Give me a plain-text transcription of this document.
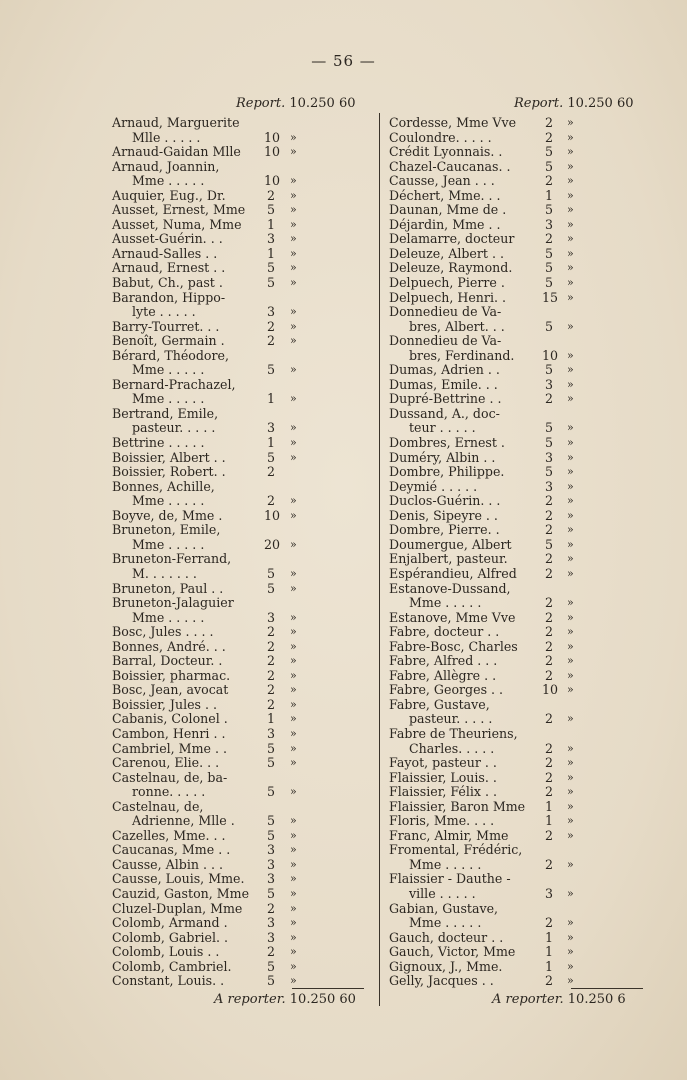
— 56 —
Report. 10.250 60	Report. 10.250 60
Arnaud, Marguerite
Mlle . . . . .	10 »
Arnaud-Gaidan Mlle 10 »
Arnaud, Joannin,
Mme . . . . .	10 »
Auquier, Eug., Dr.	2 »
Ausset, Ernest, Mme 5 »
Ausset, Numa, Mme 1 »
Ausset-Guérin. . .	3 »
Arnaud-Salles . .	1 »
Arnaud, Ernest . .	5 »
Babut, Ch., past .	5 »
Barandon, Hippo-
lyte . . . . .	3 »
Barry-Tourret. . .	2 »
Benoît, Germain .	2 »
Bérard, Théodore,
Mme . . . . .	5 »
Bernard-Prachazel,
Mme . . . . .	1 »
Bertrand, Emile,
pasteur. . . . .	3 »
Bettrine . . . . .	1 »
Boissier, Albert . .	5 »
Boissier, Robert. .	2
Bonnes, Achille,
Mme . . . . .	2 »
Boyve, de, Mme .	10 »
Bruneton, Emile,
Mme . . . . .	20 »
Bruneton-Ferrand,
M. . . . . . .	5 »
Bruneton, Paul . .	5 »
Bruneton-Jalaguier
Mme . . . . .	3 »
Bosc, Jules . . . .	2 »
Bonnes, André. . .	2 »
Barral, Docteur. .	2 »
Boissier, pharmac.	2 »
Bosc, Jean, avocat	2 »
Boissier, Jules . .	2 »
Cabanis, Colonel .	1 »
Cambon, Henri . .	3 »
Cambriel, Mme . .	5 »
Carenou, Elie. . .	5 »
Castelnau, de, ba-
ronne. . . . .	5 »
Castelnau, de,
Adrienne, Mlle .	5 »
Cazelles, Mme. . .	5 »
Caucanas, Mme . .	3 »
Causse, Albin . . .	3 »
Causse, Louis, Mme. 3 »
Cauzid, Gaston, Mme 5 »
Cluzel-Duplan, Mme 2 »
Colomb, Armand .	3 »
Colomb, Gabriel. .	3 »
Colomb, Louis . .	2 »
Colomb, Cambriel.	5 »
Constant, Louis. .	5 »
Cordesse, Mme Vve 2 »
Coulondre. . . . .	2 »
Crédit Lyonnais. .	5 »
Chazel-Caucanas. .	5 »
Causse, Jean . . .	2 »
Déchert, Mme. . .	1 »
Daunan, Mme de .	5 »
Déjardin, Mme . .	3 »
Delamarre, docteur 2 »
Deleuze, Albert . .	5 »
Deleuze, Raymond.	5 »
Delpuech, Pierre .	5 »
Delpuech, Henri. .	15 »
Donnedieu de Va-
bres, Albert. . .	5 »
Donnedieu de Va-
bres, Ferdinand. 10 »
Dumas, Adrien . .	5 »
Dumas, Emile. . .	3 »
Dupré-Bettrine . .	2 »
Dussand, A., doc-
teur . . . . .	5 »
Dombres, Ernest .	5 »
Duméry, Albin . .	3 »
Dombre, Philippe.	5 »
Deymié . . . . .	3 »
Duclos-Guérin. . .	2 »
Denis, Sipeyre . .	2 »
Dombre, Pierre. .	2 »
Doumergue, Albert	5 »
Enjalbert, pasteur.	2 »
Espérandieu, Alfred 2 »
Estanove-Dussand,
Mme . . . . .	2 »
Estanove, Mme Vve 2 »
Fabre, docteur . .	2 »
Fabre-Bosc, Charles 2 »
Fabre, Alfred . . .	2 »
Fabre, Allègre . .	2 »
Fabre, Georges . .	10 »
Fabre, Gustave,
pasteur. . . . .	2 »
Fabre de Theuriens,
Charles. . . . .	2 »
Fayot, pasteur . .	2 »
Flaissier, Louis. .	2 »
Flaissier, Félix . .	2 »
Flaissier, Baron Mme 1 »
Floris, Mme. . . .	1 »
Franc, Almir, Mme	2 »
Fromental, Frédéric,
Mme . . . . .	2 »
Flaissier - Dauthe -
ville . . . . .	3 »
Gabian, Gustave,
Mme . . . . .	2 »
Gauch, docteur . .	1 »
Gauch, Victor, Mme 1 »
Gignoux, J., Mme.	1 »
Gelly, Jacques . .	2 »
A reporter. 10.250 60	A reporter. 10.250 6
